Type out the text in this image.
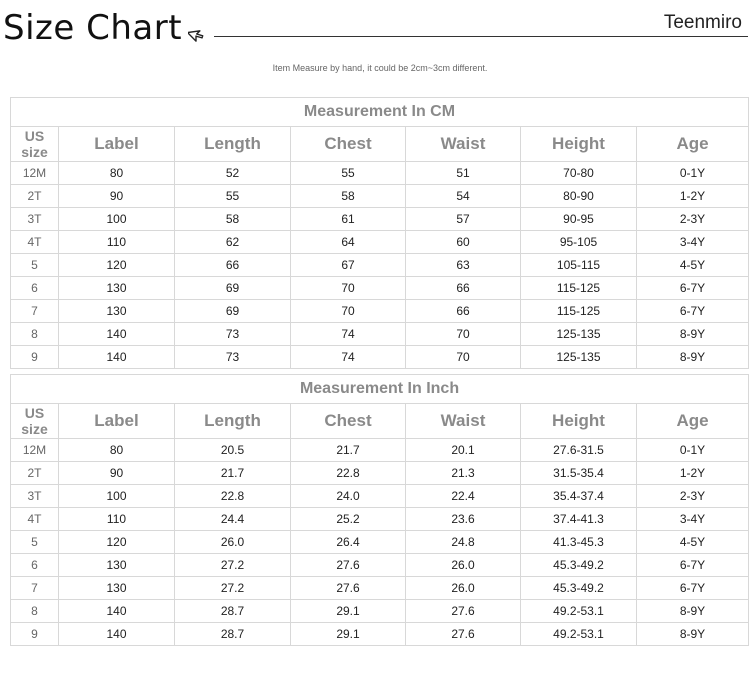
Size Chart	Teenmiro
Item Measure by hand, it could be 2cm~3cm different.
Measurement In CM						
US size	Label	Length	Chest	Waist	Height	Age
12M	80	52	55	51	70-80	0-1Y
2T	90	55	58	54	80-90	1-2Y
3T	100	58	61	57	90-95	2-3Y
4T	110	62	64	60	95-105	3-4Y
5	120	66	67	63	105-115	4-5Y
6	130	69	70	66	115-125	6-7Y
7	130	69	70	66	115-125	6-7Y
8	140	73	74	70	125-135	8-9Y
9	140	73	74	70	125-135	8-9Y
Measurement In Inch						
US size	Label	Length	Chest	Waist	Height	Age
12M	80	20.5	21.7	20.1	27.6-31.5	0-1Y
2T	90	21.7	22.8	21.3	31.5-35.4	1-2Y
3T	100	22.8	24.0	22.4	35.4-37.4	2-3Y
4T	110	24.4	25.2	23.6	37.4-41.3	3-4Y
5	120	26.0	26.4	24.8	41.3-45.3	4-5Y
6	130	27.2	27.6	26.0	45.3-49.2	6-7Y
7	130	27.2	27.6	26.0	45.3-49.2	6-7Y
8	140	28.7	29.1	27.6	49.2-53.1	8-9Y
9	140	28.7	29.1	27.6	49.2-53.1	8-9Y
